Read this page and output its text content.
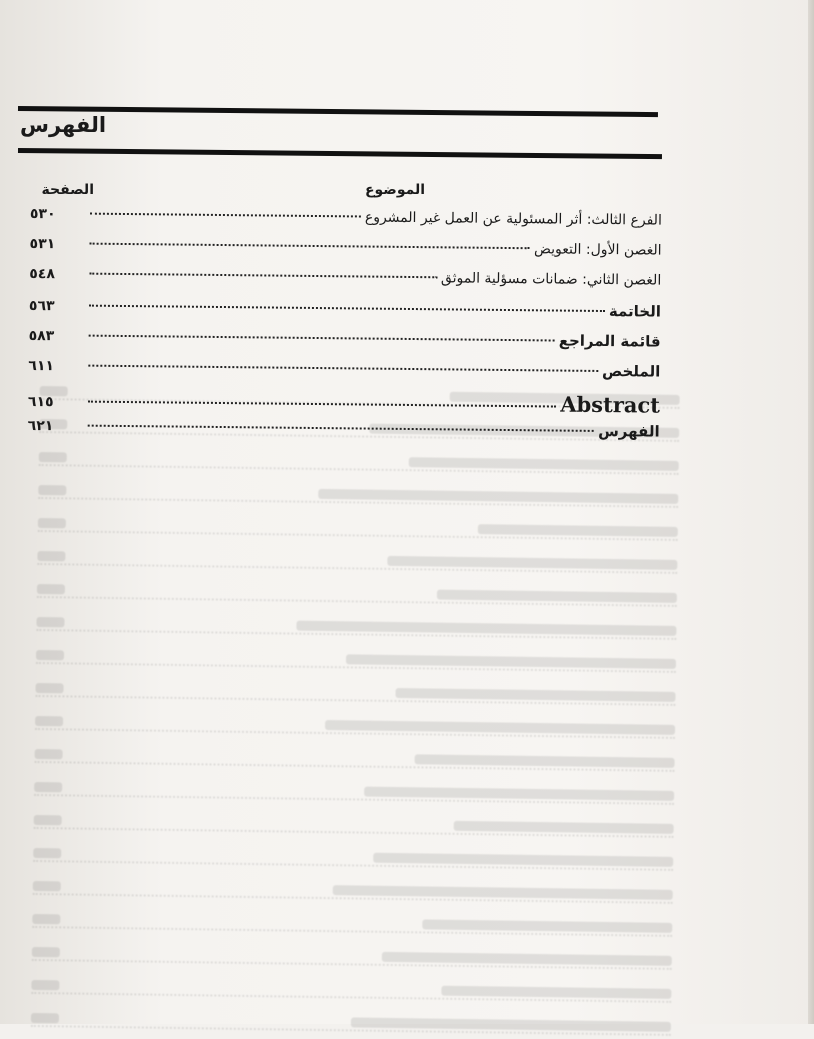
الفهرس
الموضوع
الصفحة
الفرع الثالث: أثر المسئولية عن العمل غير المشروع
٥٣٠
الغصن الأول: التعويض
٥٣١
الغصن الثاني: ضمانات مسؤلية الموثق
٥٤٨
الخاتمة
٥٦٣
قائمة المراجع
٥٨٣
الملخص
٦١١
Abstract
٦١٥
الفهرس
٦٢١
